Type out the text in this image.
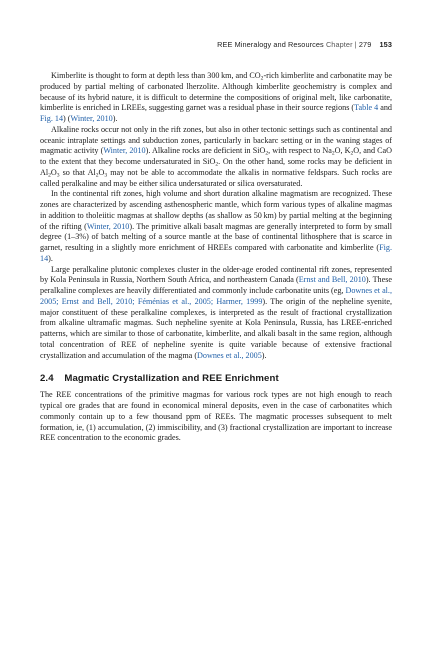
REE Mineralogy and Resources Chapter | 279 153

Kimberlite is thought to form at depth less than 300 km, and $CO_2$-rich kimberlite and carbonatite may be produced by partial melting of carbonated lherzolite. Although kimberlite geochemistry is complex and because of its hybrid nature, it is difficult to determine the compositions of original melt, like carbonatite, kimberlite is enriched in LREEs, suggesting garnet was a residual phase in their source regions (Table 4 and Fig. 14) (Winter, 2010).

Alkaline rocks occur not only in the rift zones, but also in other tectonic settings such as continental and oceanic intraplate settings and subduction zones, particularly in backarc setting or in the waning stages of magmatic activity (Winter, 2010). Alkaline rocks are deficient in SiO$_2$, with respect to $Na_2O$, $K_2O$, and CaO to the extent that they become undersaturated in SiO$_2$. On the other hand, some rocks may be deficient in $Al_2O_3$ so that $Al_2O_3$ may not be able to accommodate the alkalis in normative feldspars. Such rocks are called peralkaline and may be either silica undersaturated or silica oversaturated.

In the continental rift zones, high volume and short duration alkaline magmatism are recognized. These zones are characterized by ascending asthenospheric mantle, which form various types of alkaline magmas in addition to tholeiitic magmas at shallow depths (as shallow as 50 km) by partial melting at the beginning of the rifting (Winter, 2010). The primitive alkali basalt magmas are generally interpreted to form by small degree (1–3%) of batch melting of a source mantle at the base of continental lithosphere that is scarce in garnet, resulting in a slightly more enrichment of HREEs compared with carbonatite and kimberlite (Fig. 14).

Large peralkaline plutonic complexes cluster in the older-age eroded continental rift zones, represented by Kola Peninsula in Russia, Northern South Africa, and northeastern Canada (Ernst and Bell, 2010). These peralkaline complexes are heavily differentiated and commonly include carbonatite units (eg, Downes et al., 2005; Ernst and Bell, 2010; Féménias et al., 2005; Harmer, 1999). The origin of the nepheline syenite, major constituent of these peralkaline complexes, is interpreted as the result of fractional crystallization from alkaline ultramafic magmas. Such nepheline syenite at Kola Peninsula, Russia, has LREE-enriched patterns, which are similar to those of carbonatite, kimberlite, and alkali basalt in the same region, although total concentration of REE of nepheline syenite is quite variable because of extensive fractional crystallization and accumulation of the magma (Downes et al., 2005).

2.4 Magmatic Crystallization and REE Enrichment

The REE concentrations of the primitive magmas for various rock types are not high enough to reach typical ore grades that are found in economical mineral deposits, even in the case of carbonatites which commonly contain up to a few thousand ppm of REEs. The magmatic processes subsequent to melt formation, ie, (1) accumulation, (2) immiscibility, and (3) fractional crystallization are important to increase REE concentration to the economic grades.
